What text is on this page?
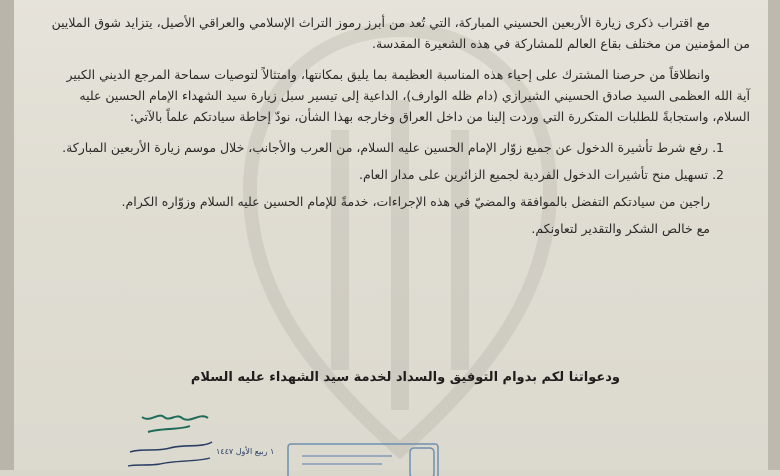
مع اقتراب ذكرى زيارة الأربعين الحسيني المباركة، التي تُعد من أبرز رموز التراث الإسلامي والعراقي الأصيل، يتزايد شوق الملايين من المؤمنين من مختلف بقاع العالم للمشاركة في هذه الشعيرة المقدسة.

وانطلاقاً من حرصنا المشترك على إحياء هذه المناسبة العظيمة بما يليق بمكانتها، وامتثالاً لتوصيات سماحة المرجع الديني الكبير آية الله العظمى السيد صادق الحسيني الشيرازي (دام ظله الوارف)، الداعية إلى تيسير سبل زيارة سيد الشهداء الإمام الحسين عليه السلام، واستجابةً للطلبات المتكررة التي وردت إلينا من داخل العراق وخارجه بهذا الشأن، نودّ إحاطة سيادتكم علماً بالآتي:

1. رفع شرط تأشيرة الدخول عن جميع زوّار الإمام الحسين عليه السلام، من العرب والأجانب، خلال موسم زيارة الأربعين المباركة.

2. تسهيل منح تأشيرات الدخول الفردية لجميع الزائرين على مدار العام.

راجين من سيادتكم التفضل بالموافقة والمضيّ في هذه الإجراءات، خدمةً للإمام الحسين عليه السلام وزوّاره الكرام.

مع خالص الشكر والتقدير لتعاونكم.

ودعواتنا لكم بدوام التوفيق والسداد لخدمة سيد الشهداء عليه السلام
١ ربيع الأول ١٤٤٧
